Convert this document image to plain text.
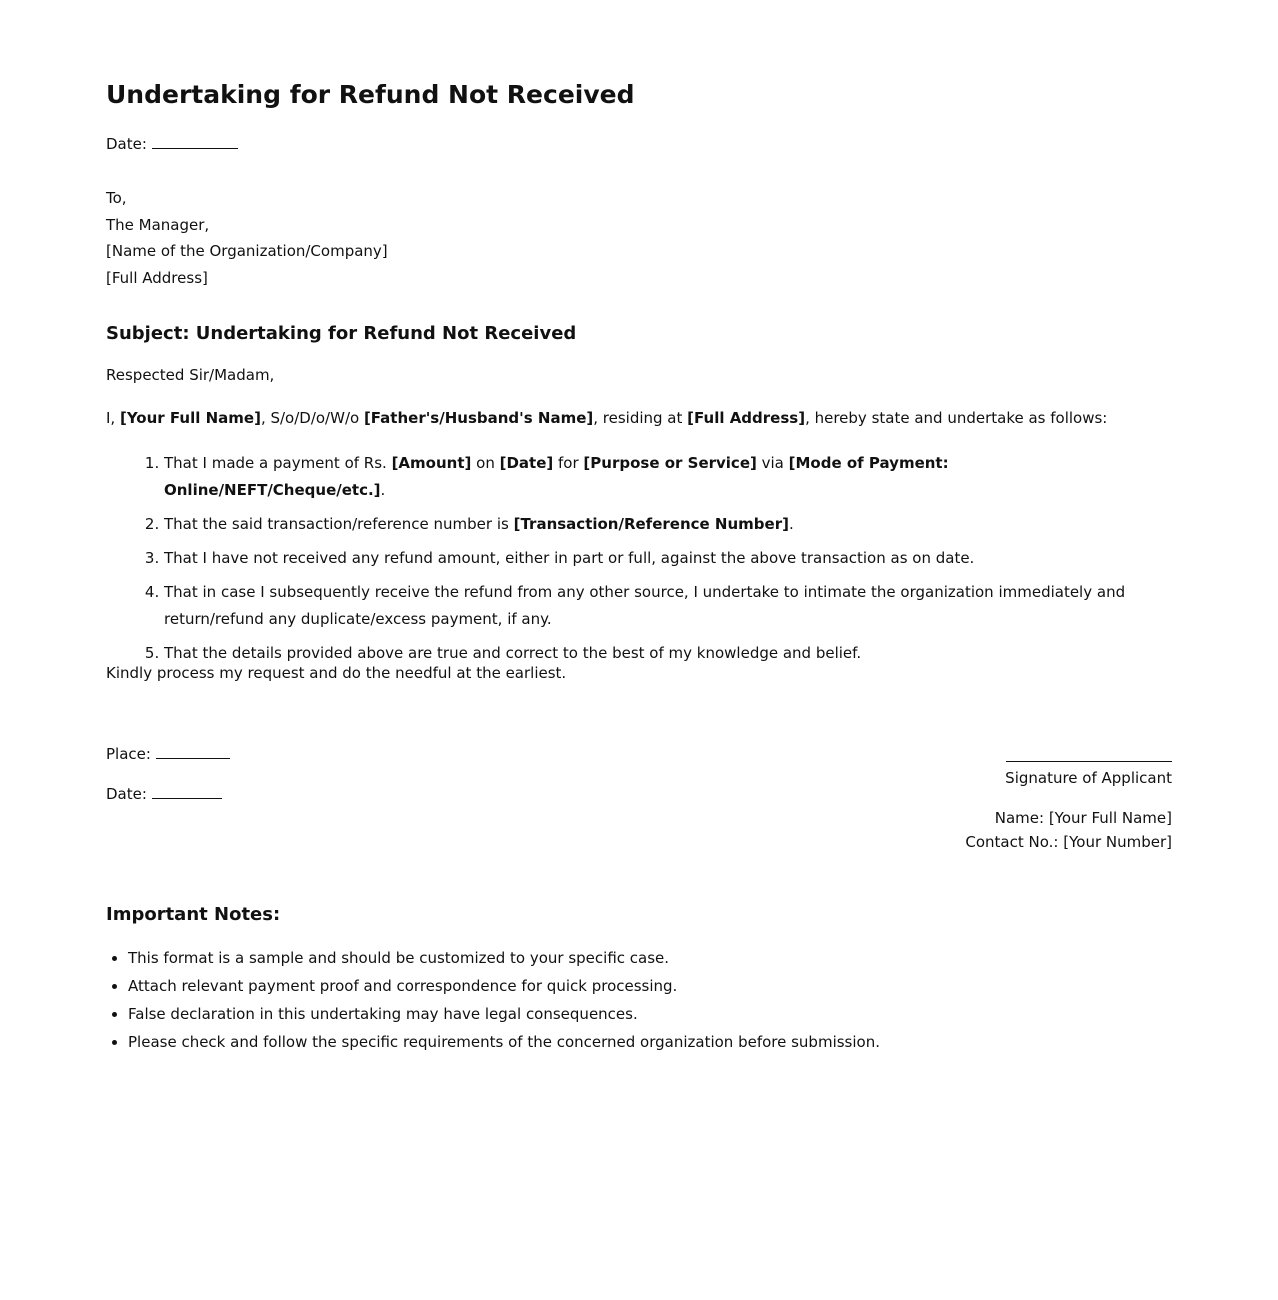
Undertaking for Refund Not Received
Date:
To,
The Manager,
[Name of the Organization/Company]
[Full Address]
Subject: Undertaking for Refund Not Received
Respected Sir/Madam,
I, [Your Full Name], S/o/D/o/W/o [Father's/Husband's Name], residing at [Full Address], hereby state and undertake as follows:
1. That I made a payment of Rs. [Amount] on [Date] for [Purpose or Service] via [Mode of Payment: Online/NEFT/Cheque/etc.].
2. That the said transaction/reference number is [Transaction/Reference Number].
3. That I have not received any refund amount, either in part or full, against the above transaction as on date.
4. That in case I subsequently receive the refund from any other source, I undertake to intimate the organization immediately and return/refund any duplicate/excess payment, if any.
5. That the details provided above are true and correct to the best of my knowledge and belief.
Kindly process my request and do the needful at the earliest.
Place:
Date:
Signature of Applicant
Name: [Your Full Name]
Contact No.: [Your Number]
Important Notes:
• This format is a sample and should be customized to your specific case.
• Attach relevant payment proof and correspondence for quick processing.
• False declaration in this undertaking may have legal consequences.
• Please check and follow the specific requirements of the concerned organization before submission.
